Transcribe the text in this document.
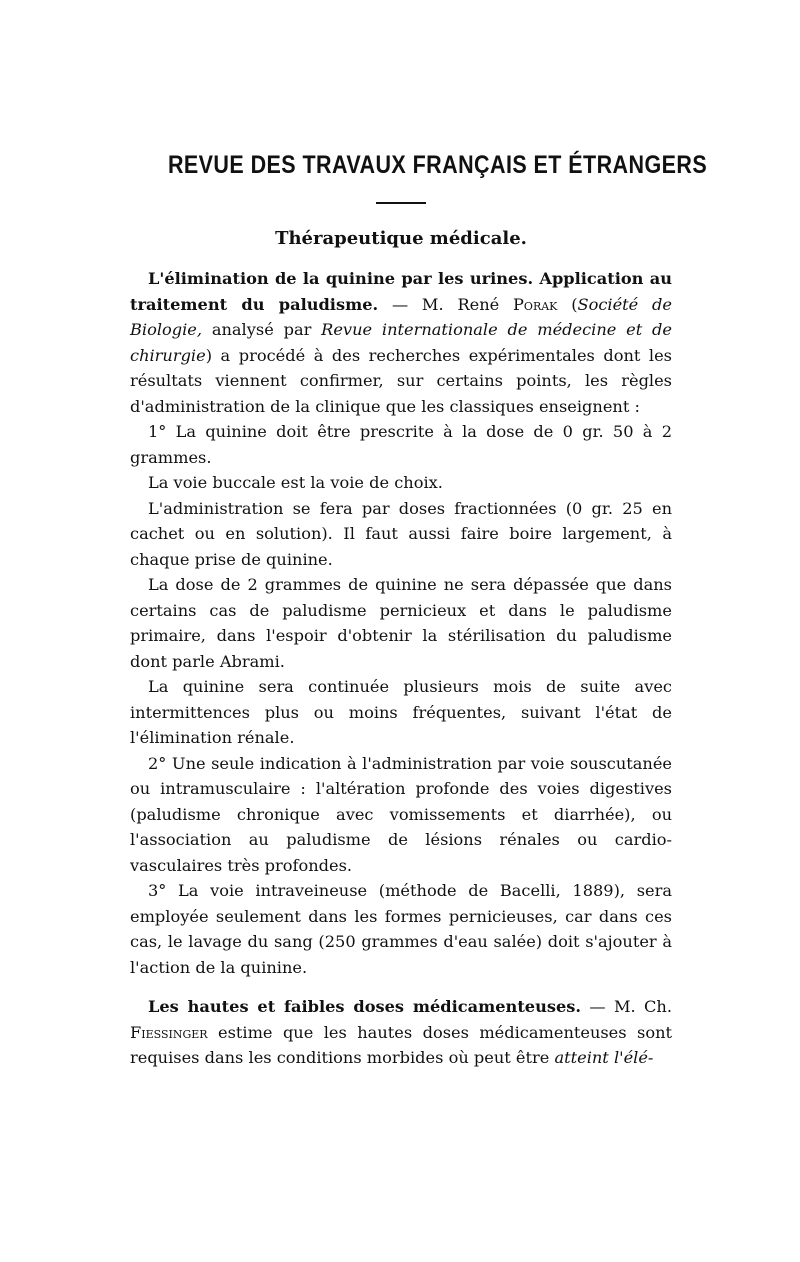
REVUE DES TRAVAUX FRANÇAIS ET ÉTRANGERS
Thérapeutique médicale.

L'élimination de la quinine par les urines. Application au traitement du paludisme. — M. René Porak (Société de Biologie, analysé par Revue internationale de médecine et de chirurgie) a procédé à des recherches expérimentales dont les résultats viennent confirmer, sur certains points, les règles d'administration de la clinique que les classiques enseignent :

1° La quinine doit être prescrite à la dose de 0 gr. 50 à 2 grammes.

La voie buccale est la voie de choix.

L'administration se fera par doses fractionnées (0 gr. 25 en cachet ou en solution). Il faut aussi faire boire largement, à chaque prise de quinine.

La dose de 2 grammes de quinine ne sera dépassée que dans certains cas de paludisme pernicieux et dans le paludisme primaire, dans l'espoir d'obtenir la stérilisation du paludisme dont parle Abrami.

La quinine sera continuée plusieurs mois de suite avec intermittences plus ou moins fréquentes, suivant l'état de l'élimination rénale.

2° Une seule indication à l'administration par voie souscutanée ou intramusculaire : l'altération profonde des voies digestives (paludisme chronique avec vomissements et diarrhée), ou l'association au paludisme de lésions rénales ou cardio-vasculaires très profondes.

3° La voie intraveineuse (méthode de Bacelli, 1889), sera employée seulement dans les formes pernicieuses, car dans ces cas, le lavage du sang (250 grammes d'eau salée) doit s'ajouter à l'action de la quinine.

Les hautes et faibles doses médicamenteuses. — M. Ch. Fiessinger estime que les hautes doses médicamenteuses sont requises dans les conditions morbides où peut être atteint l'élé-
